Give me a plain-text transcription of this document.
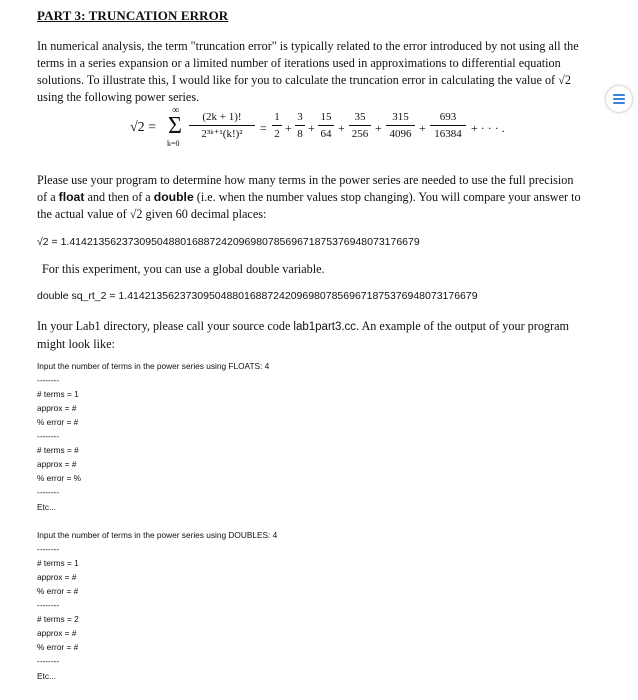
PART 3: TRUNCATION ERROR

In numerical analysis, the term "truncation error" is typically related to the error introduced by not using all the

terms in a series expansion or a limited number of iterations used in approximations to differential equation

solutions. To illustrate this, I would like for you to calculate the truncation error in calculating the value of √2

using the following power series.

√2 =
∞
Σ
k=0
(2k + 1)!
2³ᵏ⁺¹(k!)²	=
1
2 +
3
8 +
15
64 +
35
256 +
315
4096 +
693
16384 + · · · .

Please use your program to determine how many terms in the power series are needed to use the full precision

of a float and then of a double (i.e. when the number values stop changing). You will compare your answer to

the actual value of √2 given 60 decimal places:

√2 = 1.414213562373095048801688724209698078569671875376948073176679

For this experiment, you can use a global double variable.

double sq_rt_2 = 1.414213562373095048801688724209698078569671875376948073176679

In your Lab1 directory, please call your source code lab1part3.cc. An example of the output of your program

might look like:

Input the number of terms in the power series using FLOATS: 4
--------
# terms = 1
approx = #
% error = #
--------
# terms = #
approx = #
% error = %
--------
Etc...
Input the number of terms in the power series using DOUBLES: 4
--------
# terms = 1
approx = #
% error = #
--------
# terms = 2
approx = #
% error = #
--------
Etc...
